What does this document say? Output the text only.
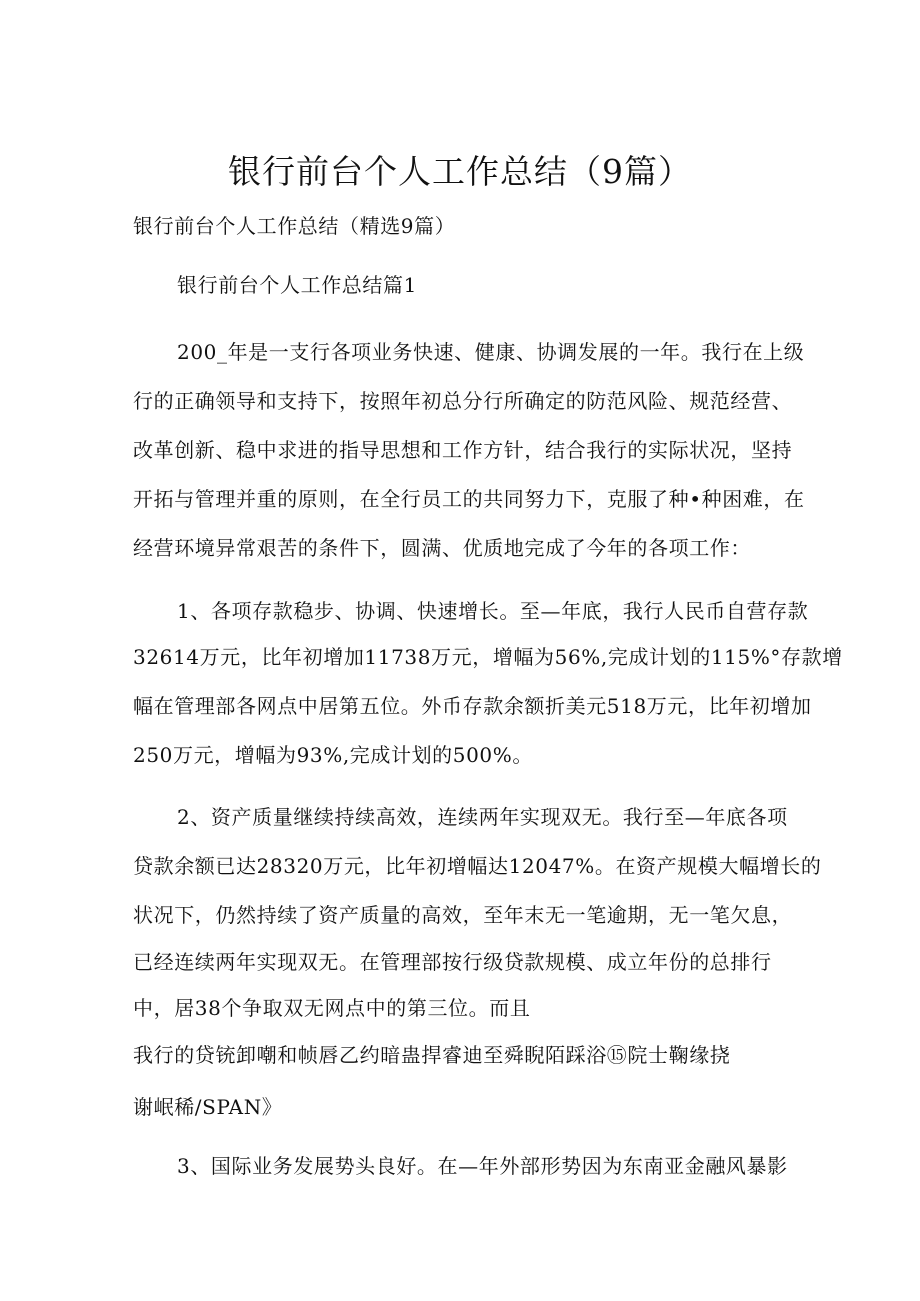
银行前台个人工作总结（9篇）
银行前台个人工作总结（精选9篇）
银行前台个人工作总结篇1
200_年是一支行各项业务快速、健康、协调发展的一年。我行在上级
行的正确领导和支持下，按照年初总分行所确定的防范风险、规范经营、
改革创新、稳中求进的指导思想和工作方针，结合我行的实际状况，坚持
开拓与管理并重的原则，在全行员工的共同努力下，克服了种•种困难，在
经营环境异常艰苦的条件下，圆满、优质地完成了今年的各项工作：
1、各项存款稳步、协调、快速增长。至—年底，我行人民币自营存款
32614万元，比年初增加11738万元，增幅为56%,完成计划的115%°存款增
幅在管理部各网点中居第五位。外币存款余额折美元518万元，比年初增加
250万元，增幅为93%,完成计划的500%。
2、资产质量继续持续高效，连续两年实现双无。我行至—年底各项
贷款余额已达28320万元，比年初增幅达12047%。在资产规模大幅增长的
状况下，仍然持续了资产质量的高效，至年末无一笔逾期，无一笔欠息，
已经连续两年实现双无。在管理部按行级贷款规模、成立年份的总排行
中，居38个争取双无网点中的第三位。而且
我行的贷铳卸嘲和帧唇乙约暗蛊捍睿迪至舜睨陌踩浴⑮院士鞠缘挠
谢岷稀/SPAN》
3、国际业务发展势头良好。在—年外部形势因为东南亚金融风暴影
